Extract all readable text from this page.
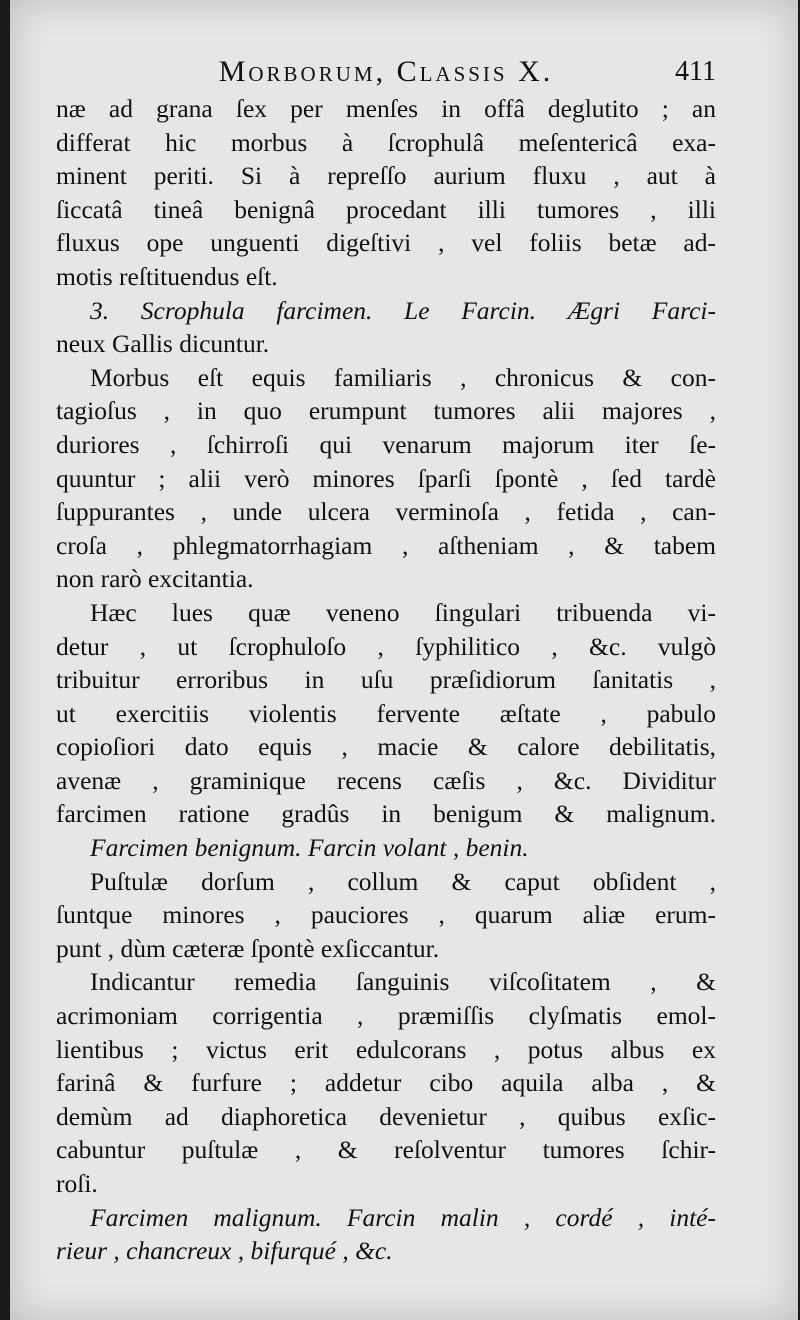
Morborum, Classis X.	411
næ ad grana ſex per menſes in offâ deglutito ; an
differat hic morbus à ſcrophulâ meſentericâ exa-
minent periti. Si à repreſſo aurium fluxu , aut à
ſiccatâ tineâ benignâ procedant illi tumores , illi
fluxus ope unguenti digeſtivi , vel foliis betæ ad-
motis reſtituendus eſt.
3. Scrophula farcimen. Le Farcin. Ægri Farci-
neux Gallis dicuntur.
Morbus eſt equis familiaris , chronicus & con-
tagioſus , in quo erumpunt tumores alii majores ,
duriores , ſchirroſi qui venarum majorum iter ſe-
quuntur ; alii verò minores ſparſi ſpontè , ſed tardè
ſuppurantes , unde ulcera verminoſa , fetida , can-
croſa , phlegmatorrhagiam , aſtheniam , & tabem
non rarò excitantia.
Hæc lues quæ veneno ſingulari tribuenda vi-
detur , ut ſcrophuloſo , ſyphilitico , &c. vulgò
tribuitur erroribus in uſu præſidiorum ſanitatis ,
ut exercitiis violentis fervente æſtate , pabulo
copioſiori dato equis , macie & calore debilitatis,
avenæ , graminique recens cæſis , &c. Dividitur
farcimen ratione gradûs in benigum & malignum.
Farcimen benignum. Farcin volant , benin.
Puſtulæ dorſum , collum & caput obſident ,
ſuntque minores , pauciores , quarum aliæ erum-
punt , dùm cæteræ ſpontè exſiccantur.
Indicantur remedia ſanguinis viſcoſitatem , &
acrimoniam corrigentia , præmiſſis clyſmatis emol-
lientibus ; victus erit edulcorans , potus albus ex
farinâ & furfure ; addetur cibo aquila alba , &
demùm ad diaphoretica devenietur , quibus exſic-
cabuntur puſtulæ , & reſolventur tumores ſchir-
roſi.
Farcimen malignum. Farcin malin , cordé , inté-
rieur , chancreux , bifurqué , &c.
